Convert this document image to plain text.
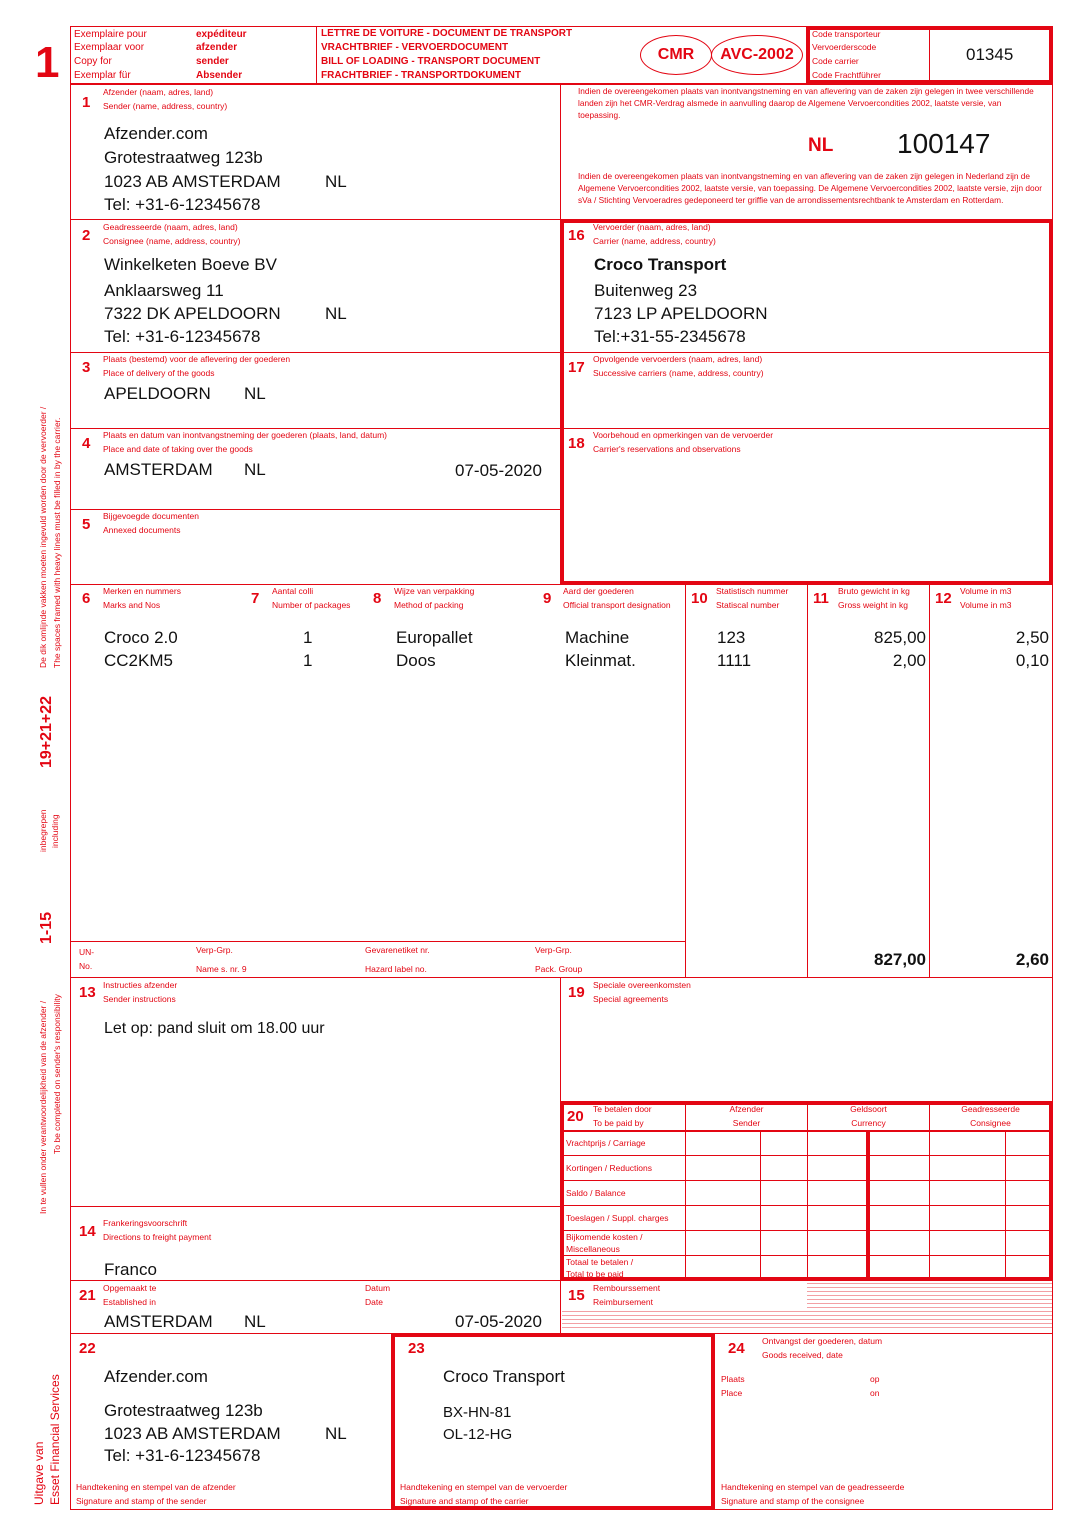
1
De dik omlijnde vakken moeten ingevuld worden door de vervoerder / The spaces framed with heavy lines must be filled in by the carrier.
19+21+22
inbegrepen including
1-15
In te vullen onder verantwoordelijkheid van de afzender / To be completed on sender's responsibility
Uitgave van Esset Financial Services
Exemplaire pour
Exemplaar voor
Copy for
Exemplar für
expéditeur
afzender
sender
Absender
LETTRE DE VOITURE - DOCUMENT DE TRANSPORT
VRACHTBRIEF - VERVOERDOCUMENT
BILL OF LOADING - TRANSPORT DOCUMENT
FRACHTBRIEF - TRANSPORTDOKUMENT
CMR	AVC-2002
Code transporteur
Vervoerderscode
Code carrier
Code Frachtführer
01345
1
Afzender (naam, adres, land)
Sender (name, address, country)
Afzender.com
Grotestraatweg 123b
1023 AB AMSTERDAM	NL
Tel: +31-6-12345678
Indien de overeengekomen plaats van inontvangstneming en van aflevering van de zaken zijn gelegen in twee verschillende landen zijn het CMR-Verdrag alsmede in aanvulling daarop de Algemene Vervoercondities 2002, laatste versie, van toepassing.
NL 100147
Indien de overeengekomen plaats van inontvangstneming en van aflevering van de zaken zijn gelegen in Nederland zijn de Algemene Vervoercondities 2002, laatste versie, van toepassing. De Algemene Vervoercondities 2002, laatste versie, zijn door sVa / Stichting Vervoeradres gedeponeerd ter griffie van de arrondissementsrechtbank te Amsterdam en Rotterdam.
2 Geadresseerde (naam, adres, land)
Consignee (name, address, country)
Winkelketen Boeve BV
Anklaarsweg 11
7322 DK APELDOORN	NL
Tel: +31-6-12345678
16 Vervoerder (naam, adres, land)
Carrier (name, address, country)
Croco Transport
Buitenweg 23
7123 LP APELDOORN
Tel:+31-55-2345678
3 Plaats (bestemd) voor de aflevering der goederen
Place of delivery of the goods
APELDOORN NL
17 Opvolgende vervoerders (naam, adres, land)
Successive carriers (name, address, country)
4 Plaats en datum van inontvangstneming der goederen (plaats, land, datum)
Place and date of taking over the goods
AMSTERDAM NL	07-05-2020
18 Voorbehoud en opmerkingen van de vervoerder
Carrier's reservations and observations
5 Bijgevoegde documenten
Annexed documents
6 Merken en nummers
Marks and Nos	7 Aantal colli
Number of packages 8 Wijze van verpakking
Method of packing	9 Aard der goederen
Official transport designation 10 Statistisch nummer
Statiscal number 11 Bruto gewicht in kg
Gross weight in kg 12 Volume in m3
Volume in m3
Croco 2.0	1	Europallet	Machine	123	825,00	2,50
CC2KM5	1	Doos	Kleinmat.	1111	2,00	0,10
UN-
No.
Verp-Grp.
Name s. nr. 9
Gevarenetiket nr.
Hazard label no.
Verp-Grp.
Pack. Group	827,00	2,60
13 Instructies afzender
Sender instructions
Let op: pand sluit om 18.00 uur
19 Speciale overeenkomsten
Special agreements
20 Te betalen door
To be paid by
Afzender
Sender
Geldsoort
Currency
Geadresseerde
Consignee
Vrachtprijs / Carriage
Kortingen / Reductions
Saldo / Balance
Toeslagen / Suppl. charges
Bijkomende kosten /
Miscellaneous
Totaal te betalen /
Total to be paid
14 Frankeringsvoorschrift
Directions to freight payment
Franco
21 Opgemaakt te
Established in
Datum
Date
AMSTERDAM NL	07-05-2020
15 Rembourssement
Reimbursement
22
Afzender.com
Grotestraatweg 123b
1023 AB AMSTERDAM	NL
Tel: +31-6-12345678
Handtekening en stempel van de afzender
Signature and stamp of the sender
23
Croco Transport
BX-HN-81
OL-12-HG
Handtekening en stempel van de vervoerder
Signature and stamp of the carrier
24 Ontvangst der goederen, datum
Goods received, date
Plaats
Place
op
on
Handtekening en stempel van de geadresseerde
Signature and stamp of the consignee
